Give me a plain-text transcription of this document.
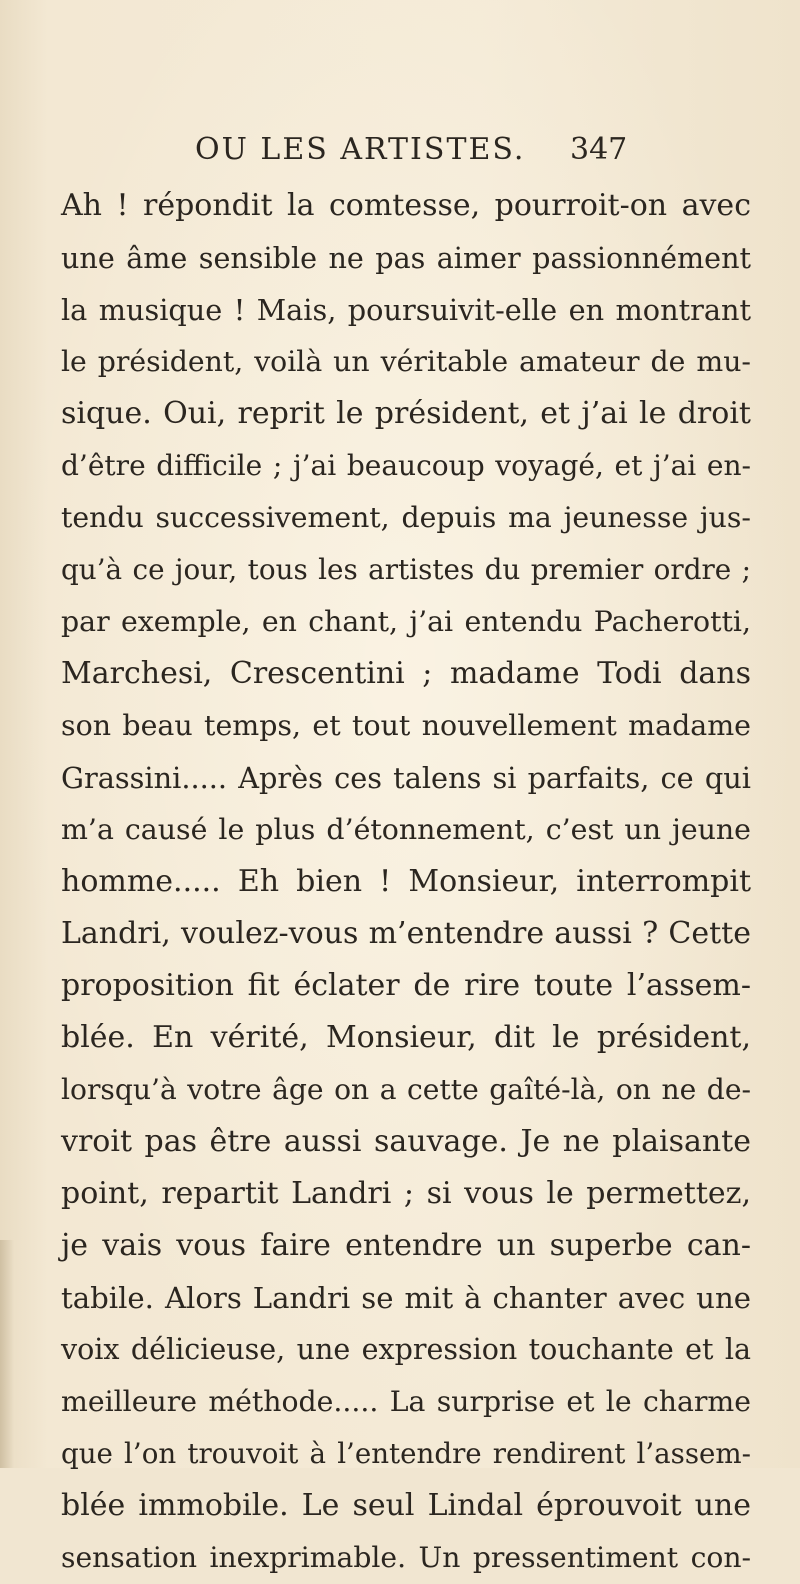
OU LES ARTISTES. 347
Ah ! répondit la comtesse, pourroit-on avec
une âme sensible ne pas aimer passionnément
la musique ! Mais, poursuivit-elle en montrant
le président, voilà un véritable amateur de mu-
sique. Oui, reprit le président, et j’ai le droit
d’être difficile ; j’ai beaucoup voyagé, et j’ai en-
tendu successivement, depuis ma jeunesse jus-
qu’à ce jour, tous les artistes du premier ordre ;
par exemple, en chant, j’ai entendu Pacherotti,
Marchesi, Crescentini ; madame Todi dans
son beau temps, et tout nouvellement madame
Grassini..... Après ces talens si parfaits, ce qui
m’a causé le plus d’étonnement, c’est un jeune
homme..... Eh bien ! Monsieur, interrompit
Landri, voulez-vous m’entendre aussi ? Cette
proposition fit éclater de rire toute l’assem-
blée. En vérité, Monsieur, dit le président,
lorsqu’à votre âge on a cette gaîté-là, on ne de-
vroit pas être aussi sauvage. Je ne plaisante
point, repartit Landri ; si vous le permettez,
je vais vous faire entendre un superbe can-
tabile. Alors Landri se mit à chanter avec une
voix délicieuse, une expression touchante et la
meilleure méthode..... La surprise et le charme
que l’on trouvoit à l’entendre rendirent l’assem-
blée immobile. Le seul Lindal éprouvoit une
sensation inexprimable. Un pressentiment con-
